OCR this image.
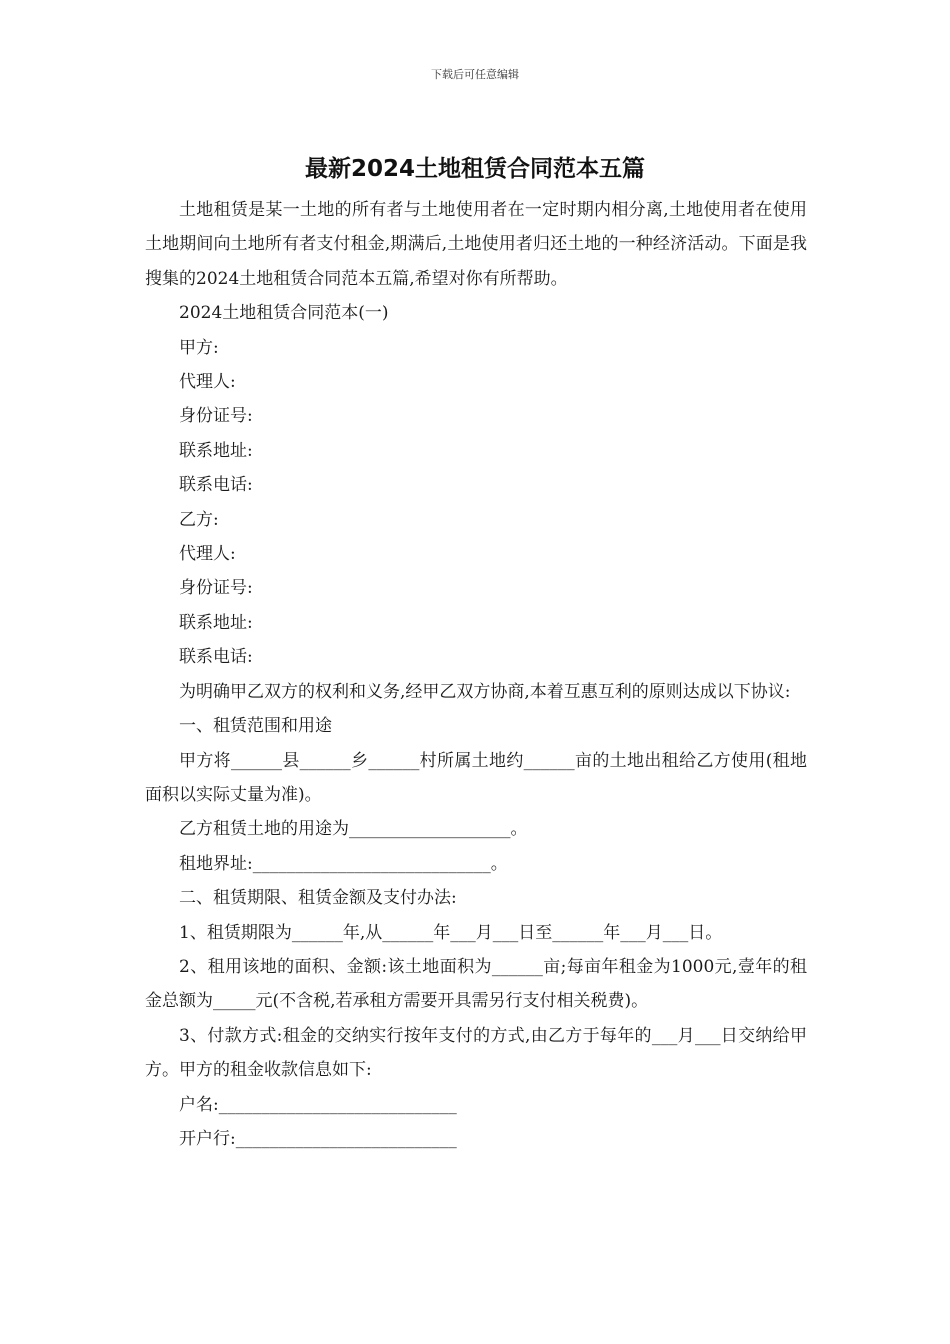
下载后可任意编辑
最新2024土地租赁合同范本五篇

土地租赁是某一土地的所有者与土地使用者在一定时期内相分离,土地使用者在使用土地期间向土地所有者支付租金,期满后,土地使用者归还土地的一种经济活动。下面是我搜集的2024土地租赁合同范本五篇,希望对你有所帮助。

2024土地租赁合同范本(一)

甲方:

代理人:

身份证号:

联系地址:

联系电话:

乙方:

代理人:

身份证号:

联系地址:

联系电话:

为明确甲乙双方的权利和义务,经甲乙双方协商,本着互惠互利的原则达成以下协议:

一、租赁范围和用途

甲方将______县______乡______村所属土地约______亩的土地出租给乙方使用(租地面积以实际丈量为准)。

乙方租赁土地的用途为___________________。

租地界址:____________________________。

二、租赁期限、租赁金额及支付办法:

1、租赁期限为______年,从______年___月___日至______年___月___日。

2、租用该地的面积、金额:该土地面积为______亩;每亩年租金为1000元,壹年的租金总额为_____元(不含税,若承租方需要开具需另行支付相关税费)。

3、付款方式:租金的交纳实行按年支付的方式,由乙方于每年的___月___日交纳给甲方。甲方的租金收款信息如下:

户名:____________________________

开户行:__________________________
